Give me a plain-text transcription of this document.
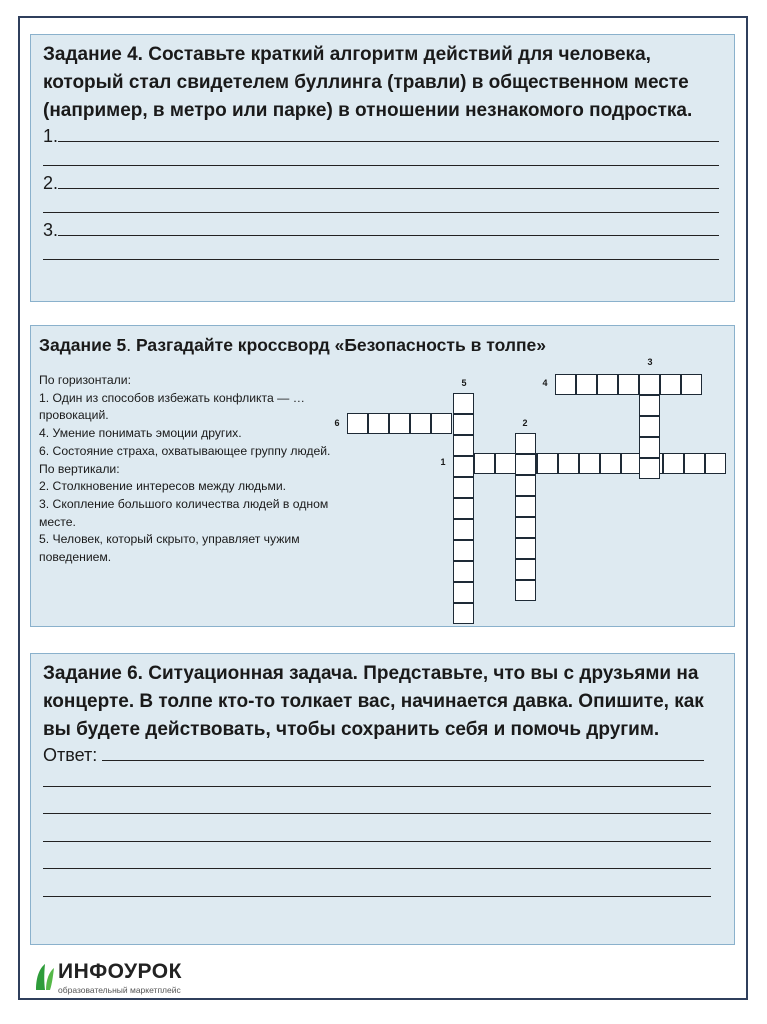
Задание 4. Составьте краткий алгоритм действий для человека, который стал свидетелем буллинга (травли) в общественном месте (например, в метро или парке) в отношении незнакомого подростка.

1.
2.
3.

Задание 5. Разгадайте кроссворд «Безопасность в толпе»

По горизонтали:
1. Один из способов избежать конфликта — … провокаций.
4. Умение понимать эмоции других.
6. Состояние страха, охватывающее группу людей.
По вертикали:
2. Столкновение интересов между людьми.
3. Скопление большого количества людей в одном месте.
5. Человек, который скрыто, управляет чужим поведением.
1
2
3
4
5
6

Задание 6. Ситуационная задача. Представьте, что вы с друзьями на концерте. В толпе кто-то толкает вас, начинается давка. Опишите, как вы будете действовать, чтобы сохранить себя и помочь другим.

Ответ:
ИНФОУРОК
образовательный маркетплейс
